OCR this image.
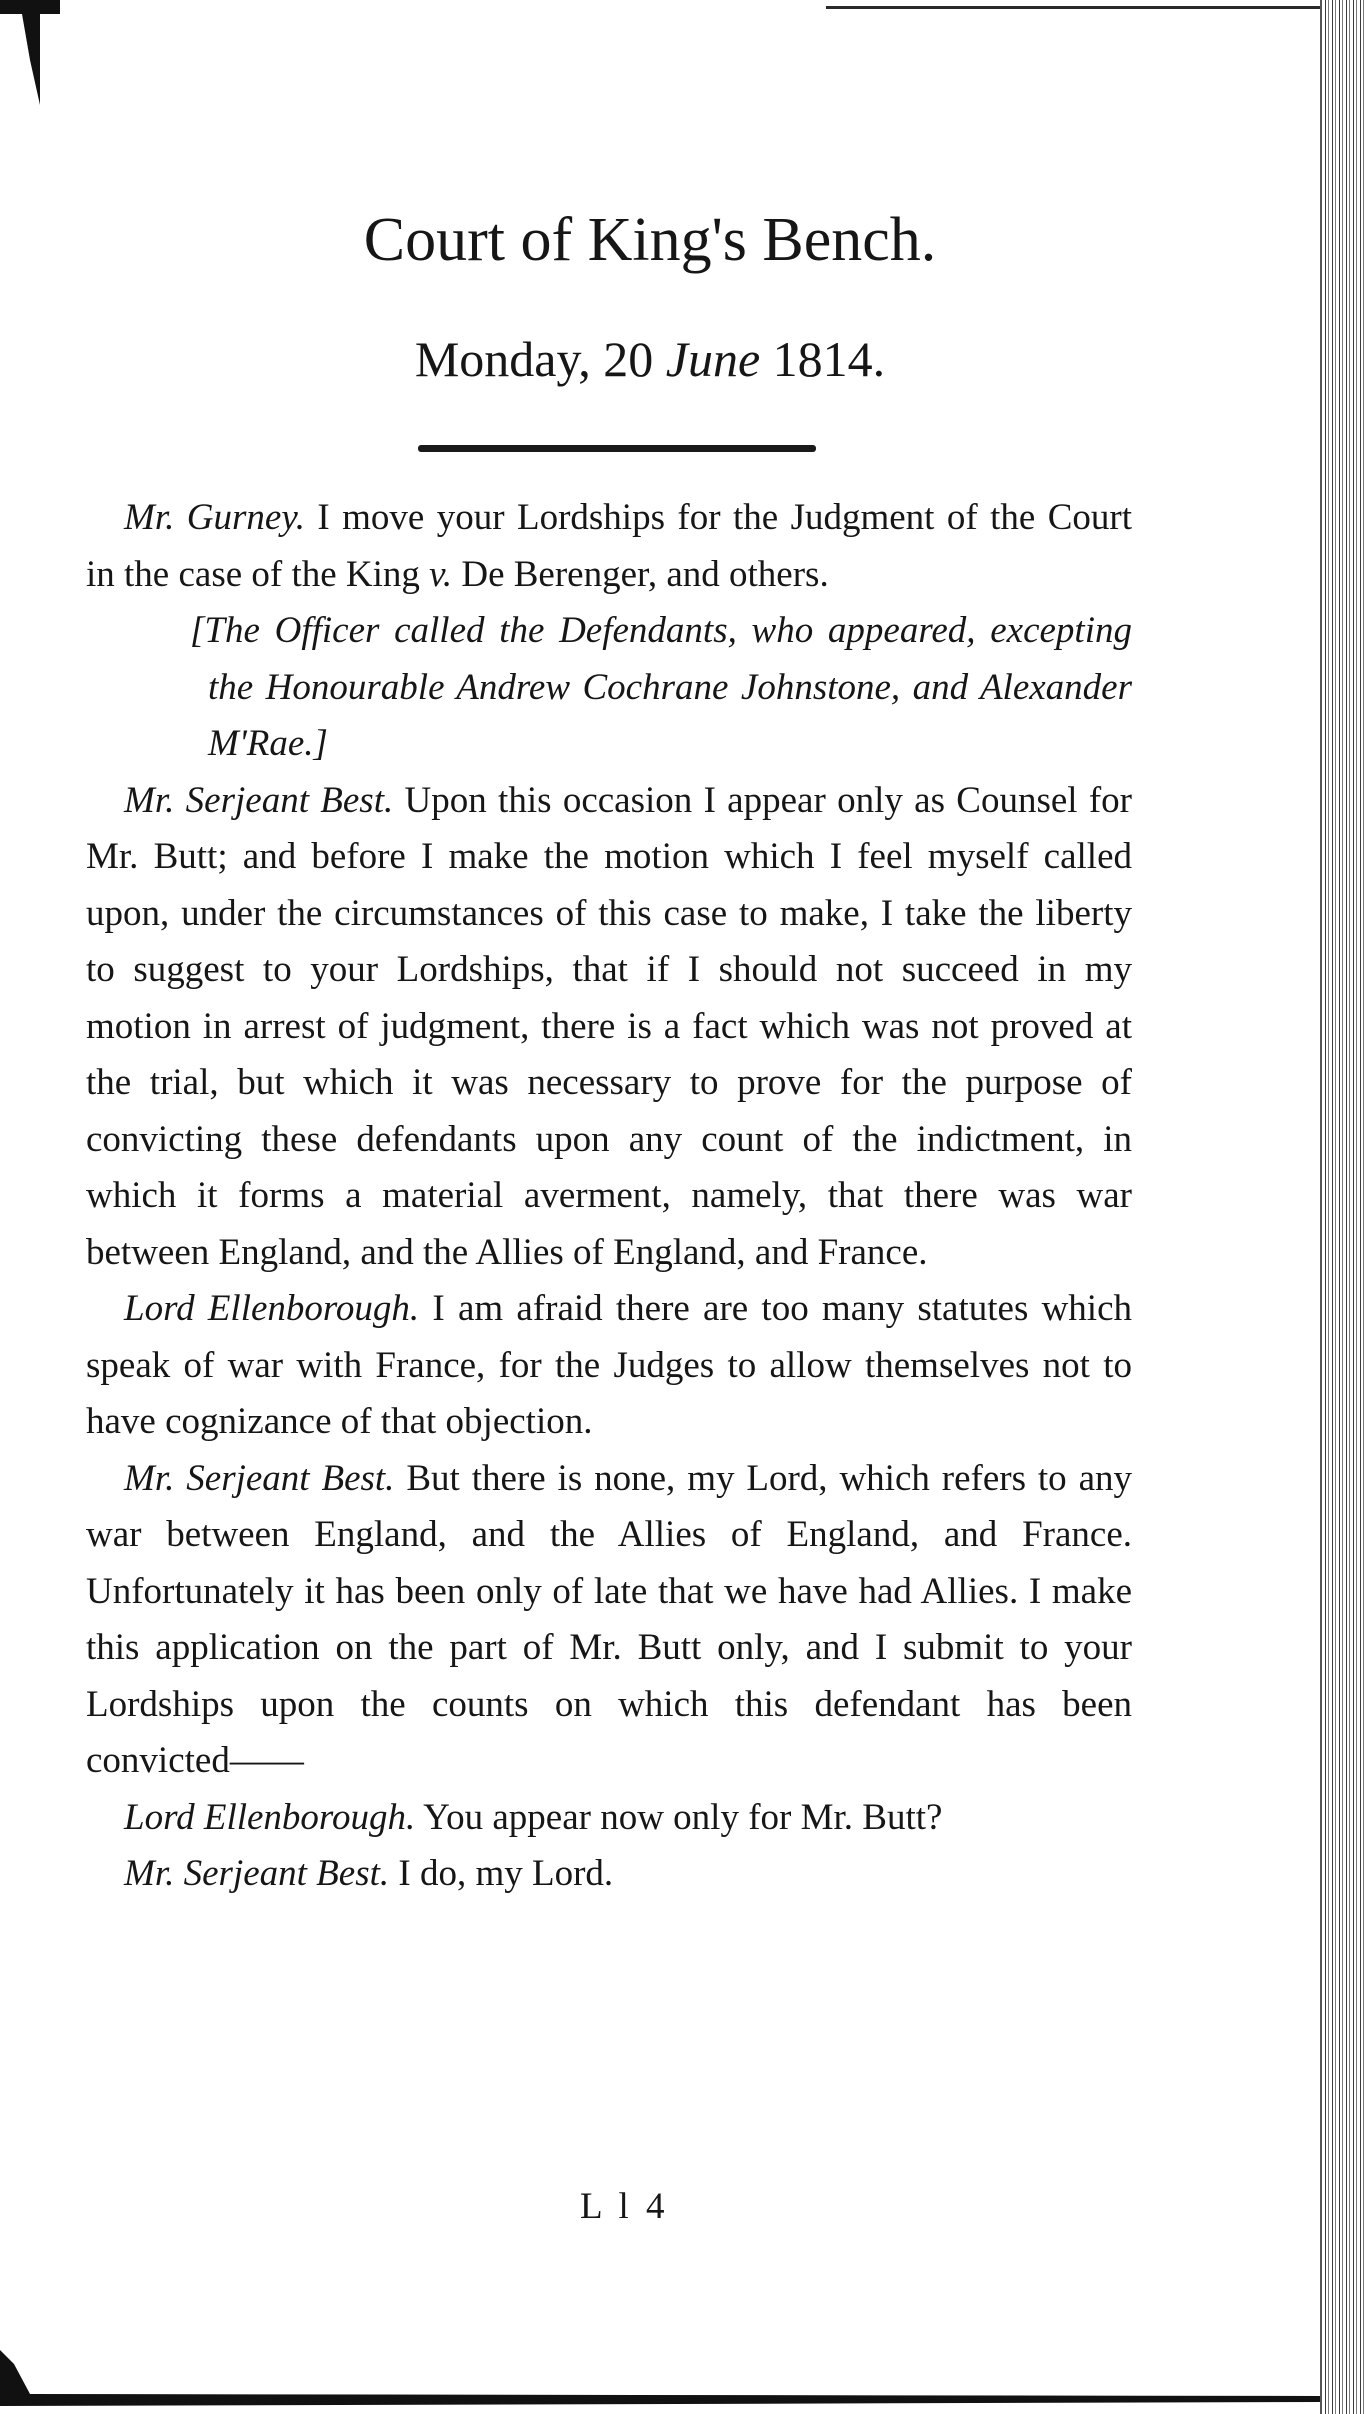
Court of King's Bench.
Monday, 20 June 1814.

Mr. Gurney. I move your Lordships for the Judgment of the Court in the case of the King v. De Berenger, and others.

[The Officer called the Defendants, who appeared, excepting the Honourable Andrew Cochrane Johnstone, and Alexander M'Rae.]

Mr. Serjeant Best. Upon this occasion I appear only as Counsel for Mr. Butt; and before I make the motion which I feel myself called upon, under the circumstances of this case to make, I take the liberty to suggest to your Lordships, that if I should not succeed in my motion in arrest of judgment, there is a fact which was not proved at the trial, but which it was necessary to prove for the purpose of convicting these defendants upon any count of the indictment, in which it forms a material averment, namely, that there was war between England, and the Allies of England, and France.

Lord Ellenborough. I am afraid there are too many statutes which speak of war with France, for the Judges to allow themselves not to have cognizance of that objection.

Mr. Serjeant Best. But there is none, my Lord, which refers to any war between England, and the Allies of England, and France. Unfortunately it has been only of late that we have had Allies. I make this application on the part of Mr. Butt only, and I submit to your Lordships upon the counts on which this defendant has been convicted——

Lord Ellenborough. You appear now only for Mr. Butt?

Mr. Serjeant Best. I do, my Lord.

L l 4
